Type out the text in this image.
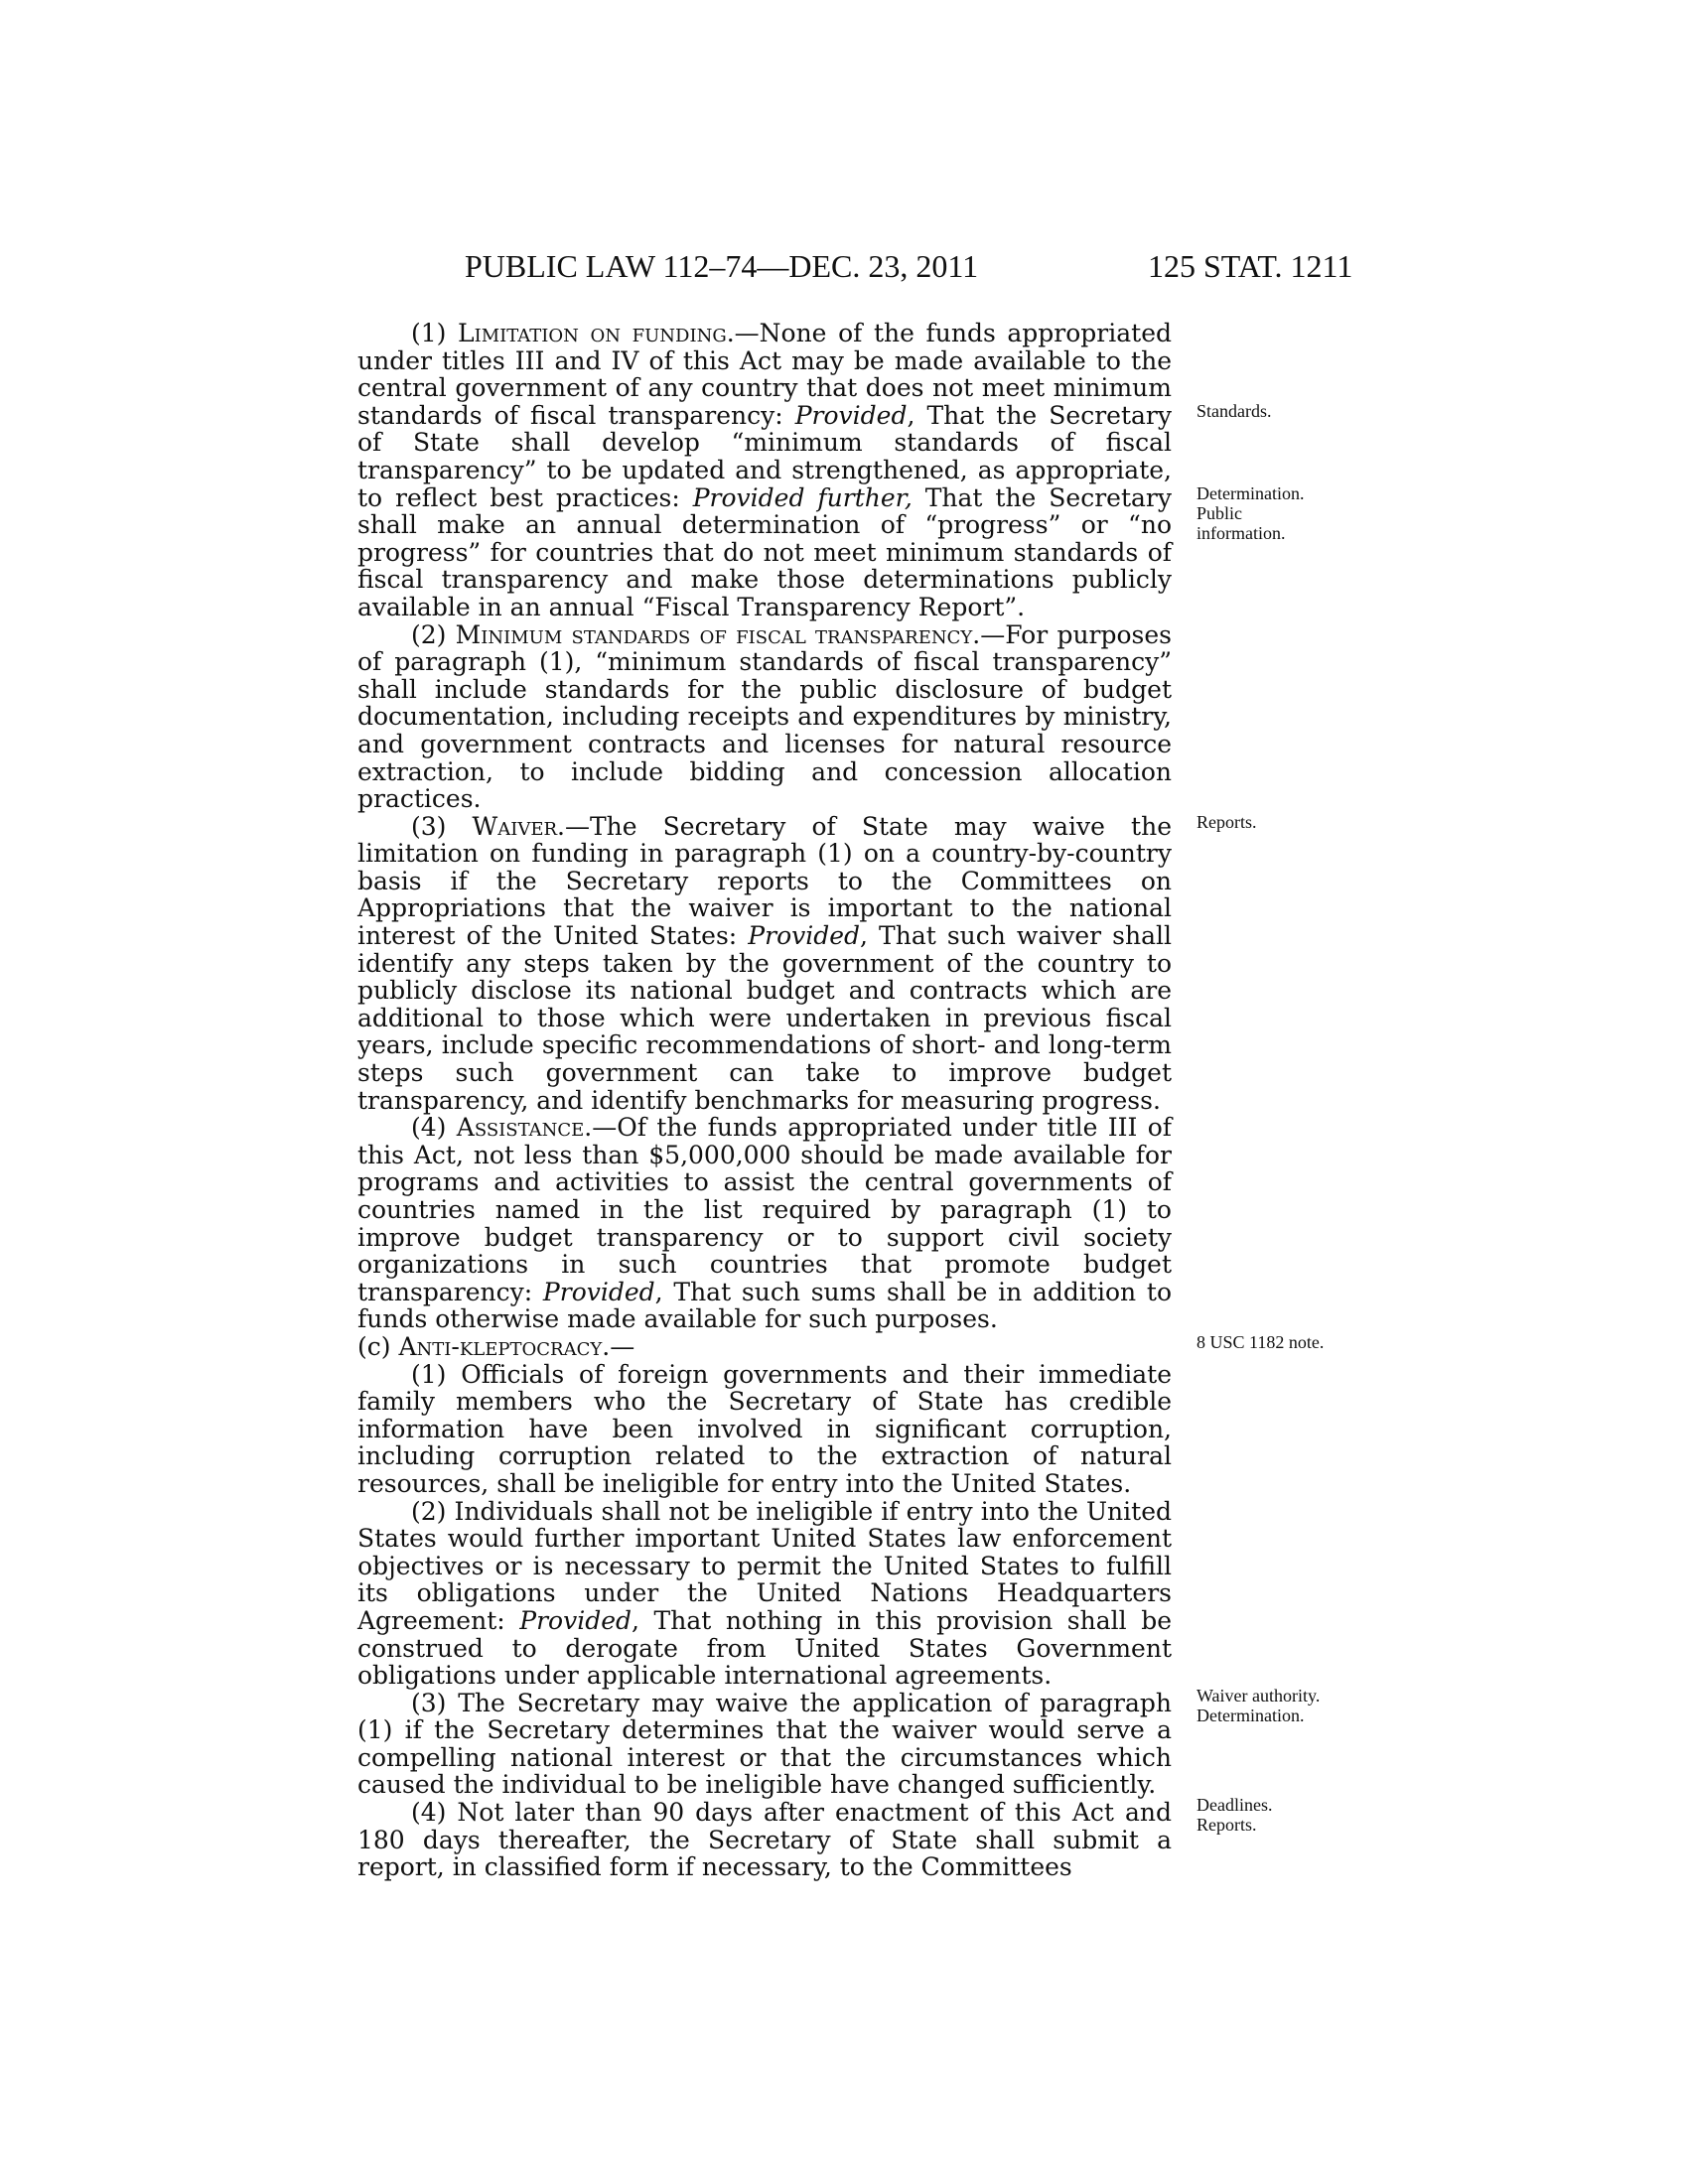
PUBLIC LAW 112–74—DEC. 23, 2011	125 STAT. 1211

(1) Limitation on funding.—None of the funds appropriated under titles III and IV of this Act may be made available to the central government of any country that does not meet minimum standards of fiscal transparency: Provided, That the Secretary of State shall develop “minimum standards of fiscal transparency” to be updated and strengthened, as appropriate, to reflect best practices: Provided further, That the Secretary shall make an annual determination of “progress” or “no progress” for countries that do not meet minimum standards of fiscal transparency and make those determinations publicly available in an annual “Fiscal Transparency Report”.

(2) Minimum standards of fiscal transparency.—For purposes of paragraph (1), “minimum standards of fiscal transparency” shall include standards for the public disclosure of budget documentation, including receipts and expenditures by ministry, and government contracts and licenses for natural resource extraction, to include bidding and concession allocation practices.

(3) Waiver.—The Secretary of State may waive the limitation on funding in paragraph (1) on a country-by-country basis if the Secretary reports to the Committees on Appropriations that the waiver is important to the national interest of the United States: Provided, That such waiver shall identify any steps taken by the government of the country to publicly disclose its national budget and contracts which are additional to those which were undertaken in previous fiscal years, include specific recommendations of short- and long-term steps such government can take to improve budget transparency, and identify benchmarks for measuring progress.

(4) Assistance.—Of the funds appropriated under title III of this Act, not less than $5,000,000 should be made available for programs and activities to assist the central governments of countries named in the list required by paragraph (1) to improve budget transparency or to support civil society organizations in such countries that promote budget transparency: Provided, That such sums shall be in addition to funds otherwise made available for such purposes.

(c) Anti-kleptocracy.—

(1) Officials of foreign governments and their immediate family members who the Secretary of State has credible information have been involved in significant corruption, including corruption related to the extraction of natural resources, shall be ineligible for entry into the United States.

(2) Individuals shall not be ineligible if entry into the United States would further important United States law enforcement objectives or is necessary to permit the United States to fulfill its obligations under the United Nations Headquarters Agreement: Provided, That nothing in this provision shall be construed to derogate from United States Government obligations under applicable international agreements.

(3) The Secretary may waive the application of paragraph (1) if the Secretary determines that the waiver would serve a compelling national interest or that the circumstances which caused the individual to be ineligible have changed sufficiently.

(4) Not later than 90 days after enactment of this Act and 180 days thereafter, the Secretary of State shall submit a report, in classified form if necessary, to the Committees

Standards.
Determination.
Public
information.
Reports.
8 USC 1182 note.
Waiver authority.
Determination.
Deadlines.
Reports.
